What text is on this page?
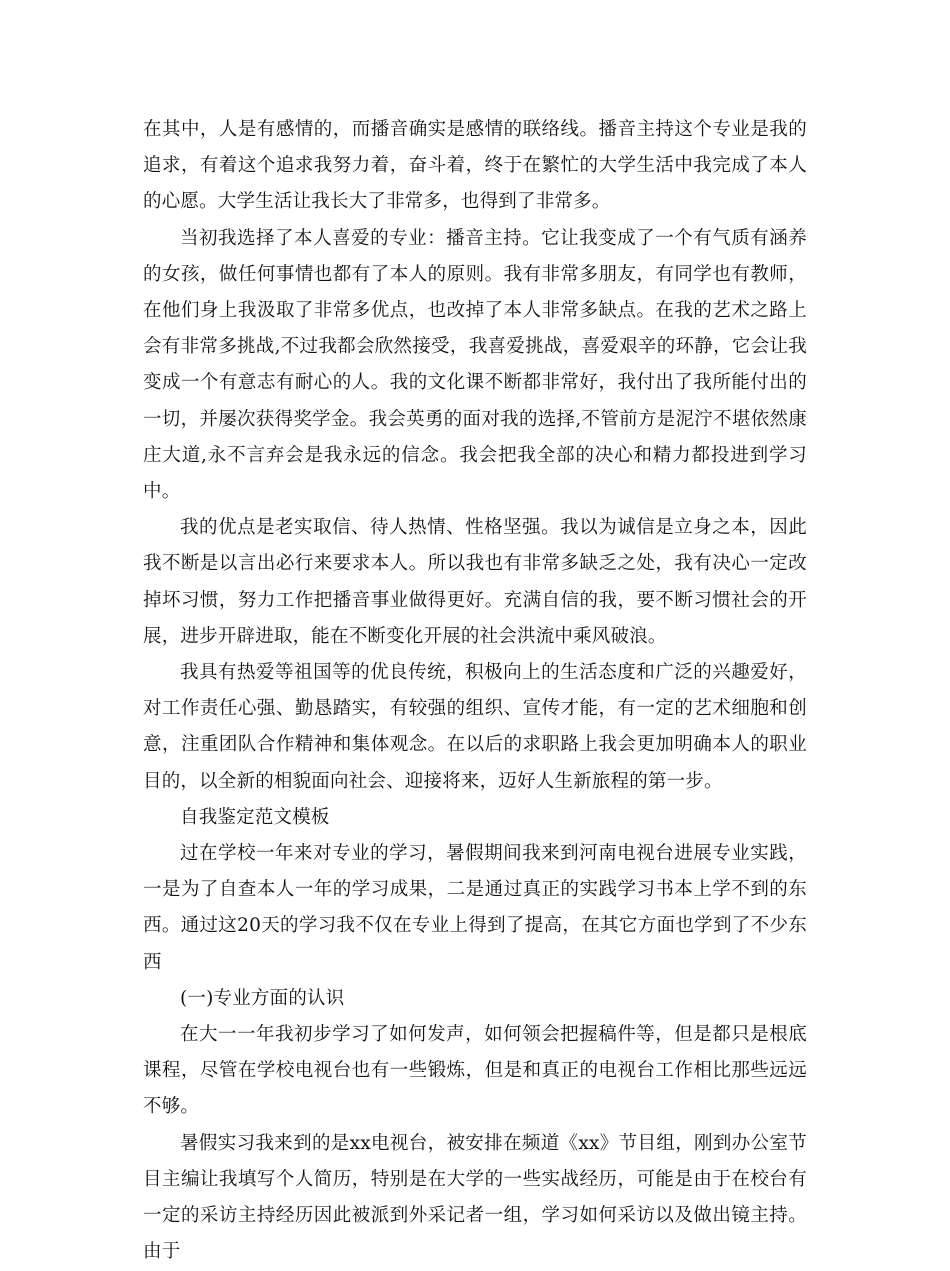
在其中，人是有感情的，而播音确实是感情的联络线。播音主持这个专业是我的追求，有着这个追求我努力着，奋斗着，终于在繁忙的大学生活中我完成了本人的心愿。大学生活让我长大了非常多，也得到了非常多。

当初我选择了本人喜爱的专业：播音主持。它让我变成了一个有气质有涵养的女孩，做任何事情也都有了本人的原则。我有非常多朋友，有同学也有教师，在他们身上我汲取了非常多优点，也改掉了本人非常多缺点。在我的艺术之路上会有非常多挑战,不过我都会欣然接受，我喜爱挑战，喜爱艰辛的环静，它会让我变成一个有意志有耐心的人。我的文化课不断都非常好，我付出了我所能付出的一切，并屡次获得奖学金。我会英勇的面对我的选择,不管前方是泥泞不堪依然康庄大道,永不言弃会是我永远的信念。我会把我全部的决心和精力都投进到学习中。

我的优点是老实取信、待人热情、性格坚强。我以为诚信是立身之本，因此我不断是以言出必行来要求本人。所以我也有非常多缺乏之处，我有决心一定改掉坏习惯，努力工作把播音事业做得更好。充满自信的我，要不断习惯社会的开展，进步开辟进取，能在不断变化开展的社会洪流中乘风破浪。

我具有热爱等祖国等的优良传统，积极向上的生活态度和广泛的兴趣爱好，对工作责任心强、勤恳踏实，有较强的组织、宣传才能，有一定的艺术细胞和创意，注重团队合作精神和集体观念。在以后的求职路上我会更加明确本人的职业目的，以全新的相貌面向社会、迎接将来，迈好人生新旅程的第一步。

自我鉴定范文模板

过在学校一年来对专业的学习，暑假期间我来到河南电视台进展专业实践，一是为了自查本人一年的学习成果，二是通过真正的实践学习书本上学不到的东西。通过这20天的学习我不仅在专业上得到了提高，在其它方面也学到了不少东西

(一)专业方面的认识

在大一一年我初步学习了如何发声，如何领会把握稿件等，但是都只是根底课程，尽管在学校电视台也有一些锻炼，但是和真正的电视台工作相比那些远远不够。

暑假实习我来到的是xx电视台，被安排在频道《xx》节目组，刚到办公室节目主编让我填写个人简历，特别是在大学的一些实战经历，可能是由于在校台有一定的采访主持经历因此被派到外采记者一组，学习如何采访以及做出镜主持。由于
